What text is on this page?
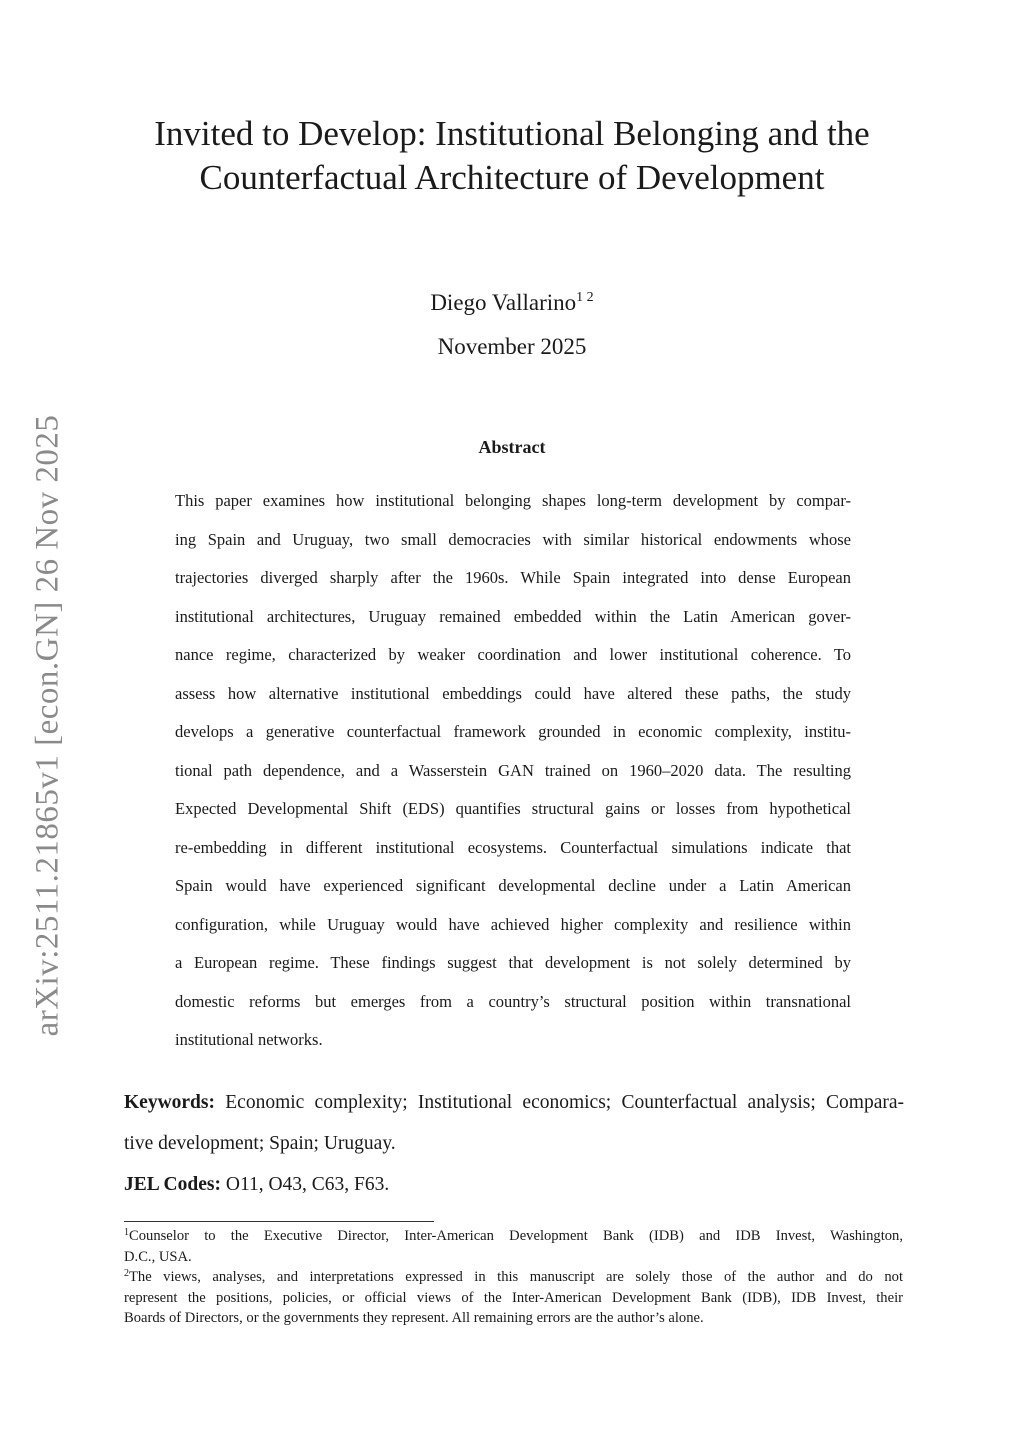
arXiv:2511.21865v1 [econ.GN] 26 Nov 2025
Invited to Develop: Institutional Belonging and the
Counterfactual Architecture of Development
Diego Vallarino$^{1 2}$
November 2025
Abstract
This paper examines how institutional belonging shapes long-term development by compar-
ing Spain and Uruguay, two small democracies with similar historical endowments whose
trajectories diverged sharply after the 1960s. While Spain integrated into dense European
institutional architectures, Uruguay remained embedded within the Latin American gover-
nance regime, characterized by weaker coordination and lower institutional coherence. To
assess how alternative institutional embeddings could have altered these paths, the study
develops a generative counterfactual framework grounded in economic complexity, institu-
tional path dependence, and a Wasserstein GAN trained on 1960–2020 data. The resulting
Expected Developmental Shift (EDS) quantifies structural gains or losses from hypothetical
re-embedding in different institutional ecosystems. Counterfactual simulations indicate that
Spain would have experienced significant developmental decline under a Latin American
configuration, while Uruguay would have achieved higher complexity and resilience within
a European regime. These findings suggest that development is not solely determined by
domestic reforms but emerges from a country’s structural position within transnational
institutional networks.
Keywords: Economic complexity; Institutional economics; Counterfactual analysis; Compara-
tive development; Spain; Uruguay.
JEL Codes: O11, O43, C63, F63.
$^1$Counselor to the Executive Director, Inter-American Development Bank (IDB) and IDB Invest, Washington,
D.C., USA.
$^2$The views, analyses, and interpretations expressed in this manuscript are solely those of the author and do not
represent the positions, policies, or official views of the Inter-American Development Bank (IDB), IDB Invest, their
Boards of Directors, or the governments they represent. All remaining errors are the author’s alone.
